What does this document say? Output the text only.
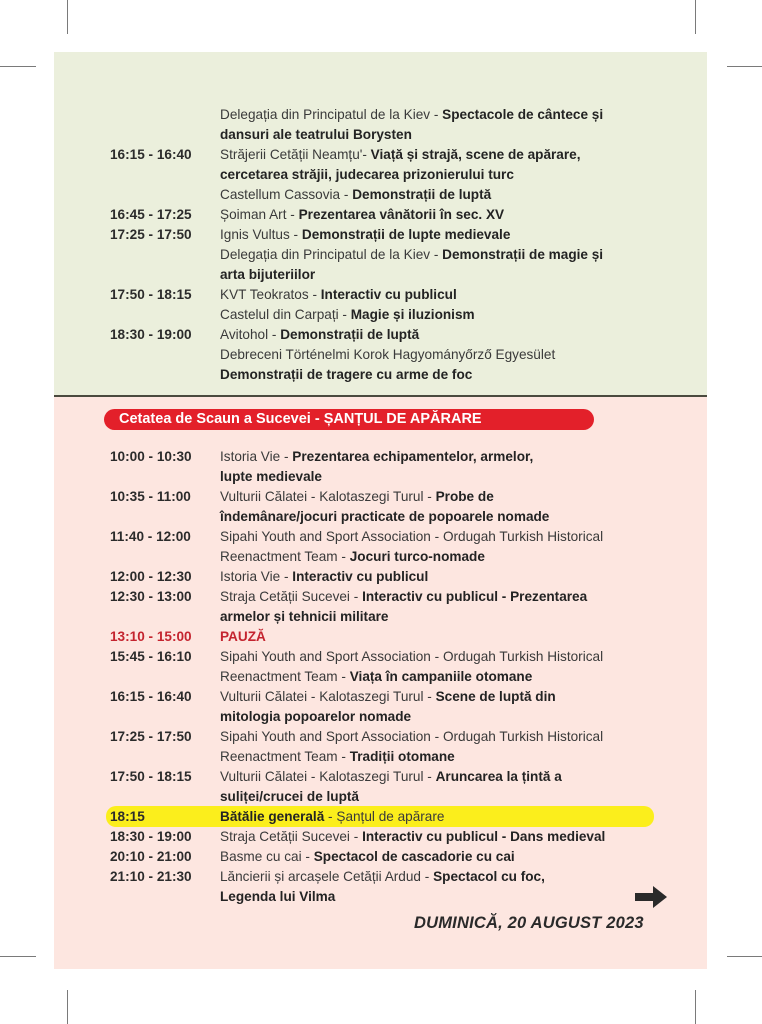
Delegația din Principatul de la Kiev - Spectacole de cântece și
dansuri ale teatrului Borysten
16:15 - 16:40	Străjerii Cetății Neamțu'- Viață și strajă, scene de apărare,
cercetarea străjii, judecarea prizonierului turc
Castellum Cassovia - Demonstrații de luptă
16:45 - 17:25	Șoiman Art - Prezentarea vânătorii în sec. XV
17:25 - 17:50	Ignis Vultus - Demonstrații de lupte medievale
Delegația din Principatul de la Kiev - Demonstrații de magie și
arta bijuteriilor
17:50 - 18:15	KVT Teokratos - Interactiv cu publicul
Castelul din Carpați - Magie și iluzionism
18:30 - 19:00	Avitohol - Demonstrații de luptă
Debreceni Történelmi Korok Hagyományőrző Egyesület
Demonstrații de tragere cu arme de foc
Cetatea de Scaun a Sucevei - ȘANȚUL DE APĂRARE
10:00 - 10:30	Istoria Vie - Prezentarea echipamentelor, armelor,
lupte medievale
10:35 - 11:00	Vulturii Călatei - Kalotaszegi Turul - Probe de
îndemânare/jocuri practicate de popoarele nomade
11:40 - 12:00	Sipahi Youth and Sport Association - Ordugah Turkish Historical
Reenactment Team - Jocuri turco-nomade
12:00 - 12:30	Istoria Vie - Interactiv cu publicul
12:30 - 13:00	Straja Cetății Sucevei - Interactiv cu publicul - Prezentarea
armelor și tehnicii militare
13:10 - 15:00	PAUZĂ
15:45 - 16:10	Sipahi Youth and Sport Association - Ordugah Turkish Historical
Reenactment Team - Viața în campaniile otomane
16:15 - 16:40	Vulturii Călatei - Kalotaszegi Turul - Scene de luptă din
mitologia popoarelor nomade
17:25 - 17:50	Sipahi Youth and Sport Association - Ordugah Turkish Historical
Reenactment Team - Tradiții otomane
17:50 - 18:15	Vulturii Călatei - Kalotaszegi Turul - Aruncarea la țintă a
suliței/crucei de luptă
18:15	Bătălie generală - Șanțul de apărare
18:30 - 19:00	Straja Cetății Sucevei - Interactiv cu publicul - Dans medieval
20:10 - 21:00	Basme cu cai - Spectacol de cascadorie cu cai
21:10 - 21:30	Lăncierii și arcașele Cetății Ardud - Spectacol cu foc,
Legenda lui Vilma
DUMINICĂ, 20 AUGUST 2023
